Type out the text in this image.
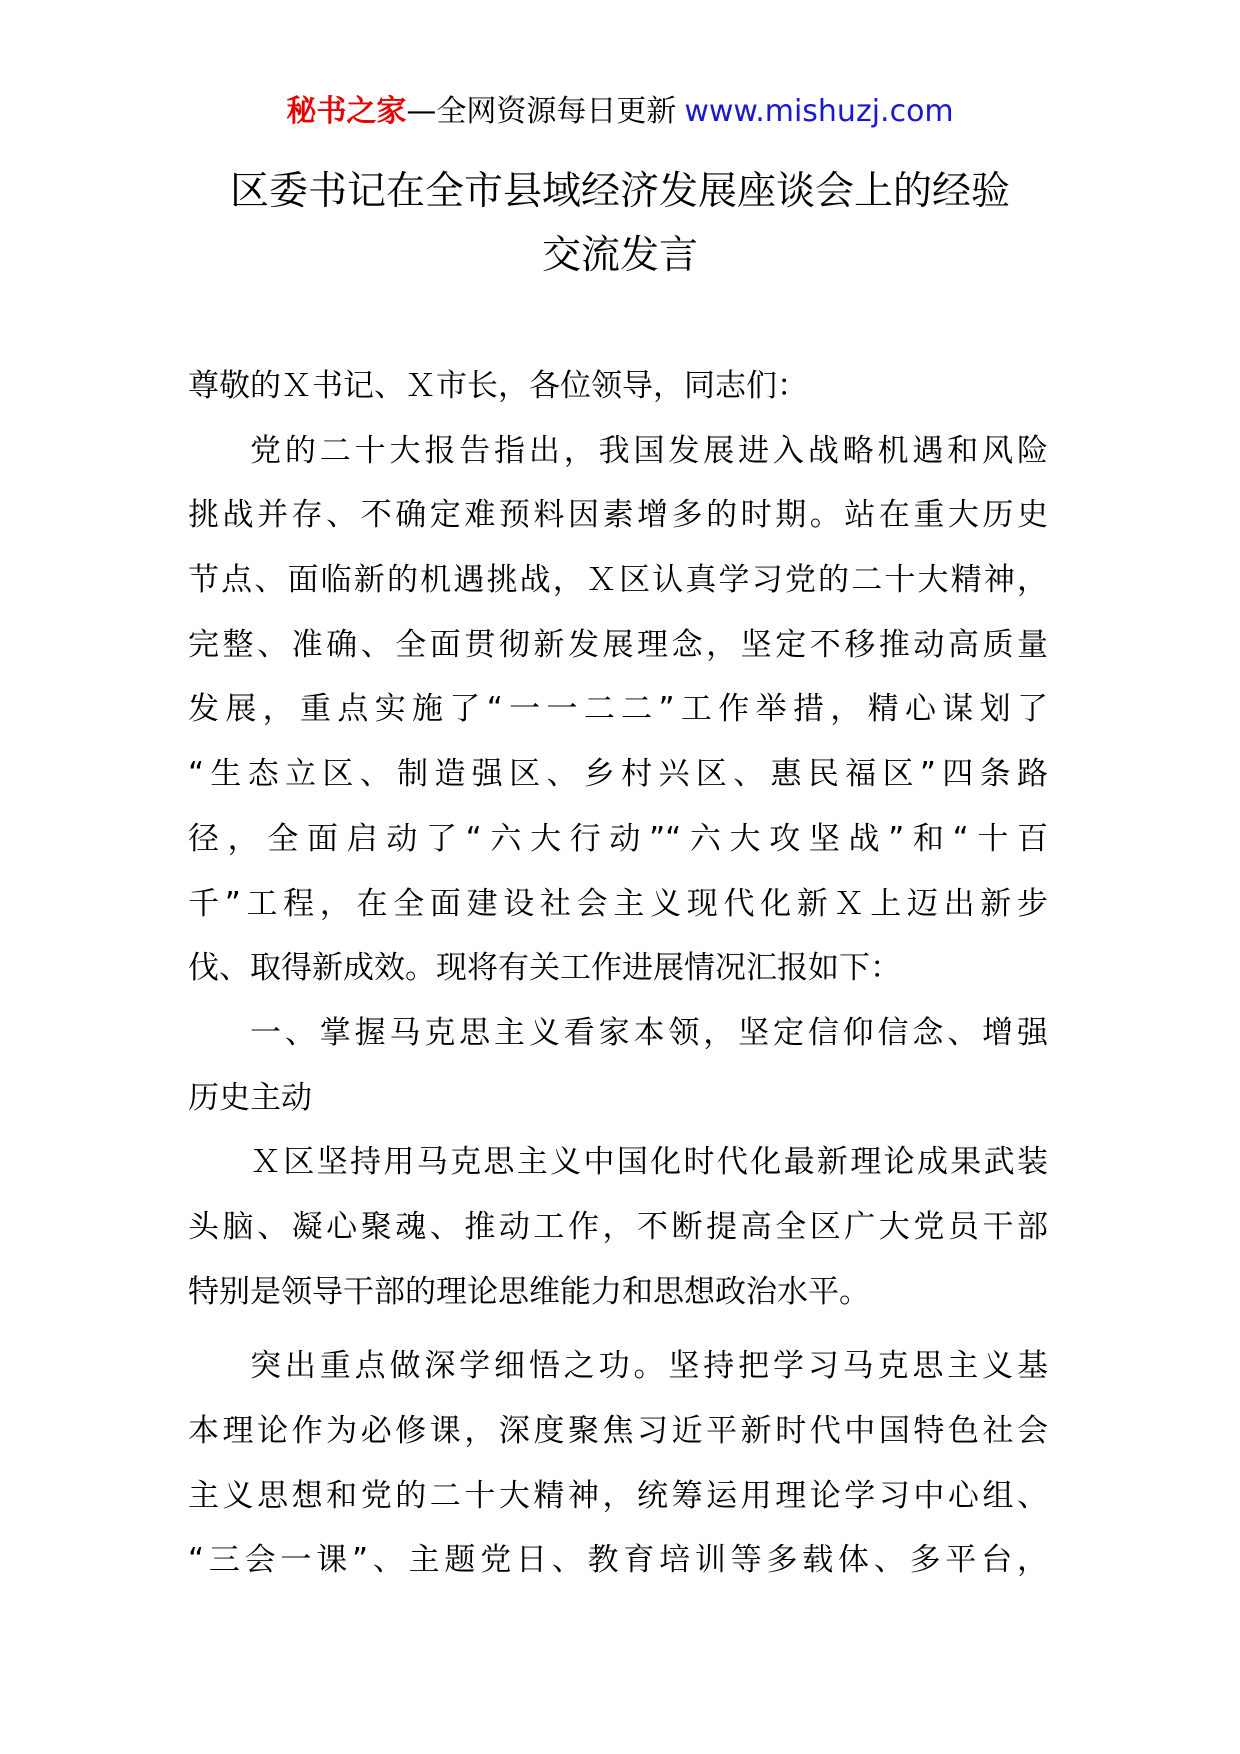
秘书之家—全网资源每日更新 www.mishuzj.com
区委书记在全市县域经济发展座谈会上的经验
交流发言
尊敬的Ｘ书记、Ｘ市长，各位领导，同志们：
党的二十大报告指出，我国发展进入战略机遇和风险
挑战并存、不确定难预料因素增多的时期。站在重大历史
节点、面临新的机遇挑战，Ｘ区认真学习党的二十大精神，
完整、准确、全面贯彻新发展理念，坚定不移推动高质量
发展，重点实施了“一一二二”工作举措，精心谋划了
“生态立区、制造强区、乡村兴区、惠民福区”四条路
径，全面启动了“六大行动”“六大攻坚战”和“十百
千”工程，在全面建设社会主义现代化新Ｘ上迈出新步
伐、取得新成效。现将有关工作进展情况汇报如下：
一、掌握马克思主义看家本领，坚定信仰信念、增强
历史主动
Ｘ区坚持用马克思主义中国化时代化最新理论成果武装
头脑、凝心聚魂、推动工作，不断提高全区广大党员干部
特别是领导干部的理论思维能力和思想政治水平。
突出重点做深学细悟之功。坚持把学习马克思主义基
本理论作为必修课，深度聚焦习近平新时代中国特色社会
主义思想和党的二十大精神，统筹运用理论学习中心组、
“三会一课”、主题党日、教育培训等多载体、多平台，
